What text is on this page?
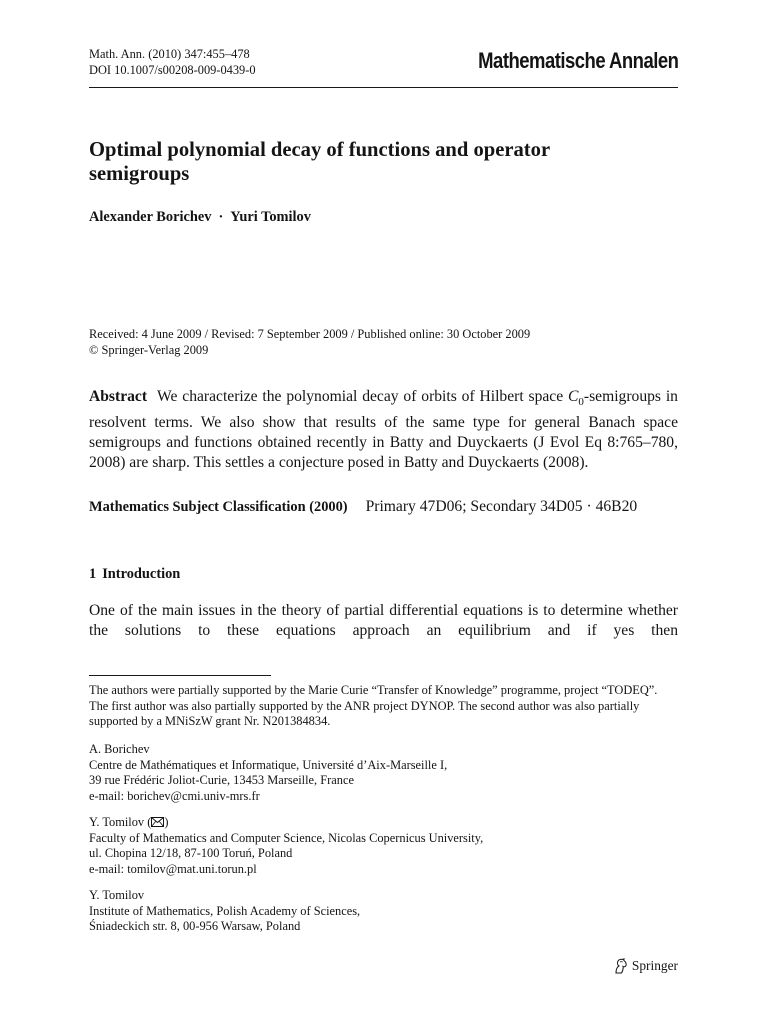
Math. Ann. (2010) 347:455–478
DOI 10.1007/s00208-009-0439-0	Mathematische Annalen
Optimal polynomial decay of functions and operator semigroups
Alexander Borichev · Yuri Tomilov
Received: 4 June 2009 / Revised: 7 September 2009 / Published online: 30 October 2009
© Springer-Verlag 2009
Abstract We characterize the polynomial decay of orbits of Hilbert space $C_0$-semigroups in resolvent terms. We also show that results of the same type for general Banach space semigroups and functions obtained recently in Batty and Duyckaerts (J Evol Eq 8:765–780, 2008) are sharp. This settles a conjecture posed in Batty and Duyckaerts (2008).
Mathematics Subject Classification (2000) Primary 47D06; Secondary 34D05 · 46B20
1 Introduction
One of the main issues in the theory of partial differential equations is to determine whether the solutions to these equations approach an equilibrium and if yes then
The authors were partially supported by the Marie Curie “Transfer of Knowledge” programme, project “TODEQ”. The first author was also partially supported by the ANR project DYNOP. The second author was also partially supported by a MNiSzW grant Nr. N201384834.
A. Borichev
Centre de Mathématiques et Informatique, Université d’Aix-Marseille I,
39 rue Frédéric Joliot-Curie, 13453 Marseille, France
e-mail: borichev@cmi.univ-mrs.fr
Y. Tomilov ( )
Faculty of Mathematics and Computer Science, Nicolas Copernicus University,
ul. Chopina 12/18, 87-100 Toruń, Poland
e-mail: tomilov@mat.uni.torun.pl
Y. Tomilov
Institute of Mathematics, Polish Academy of Sciences,
Śniadeckich str. 8, 00-956 Warsaw, Poland
Springer
